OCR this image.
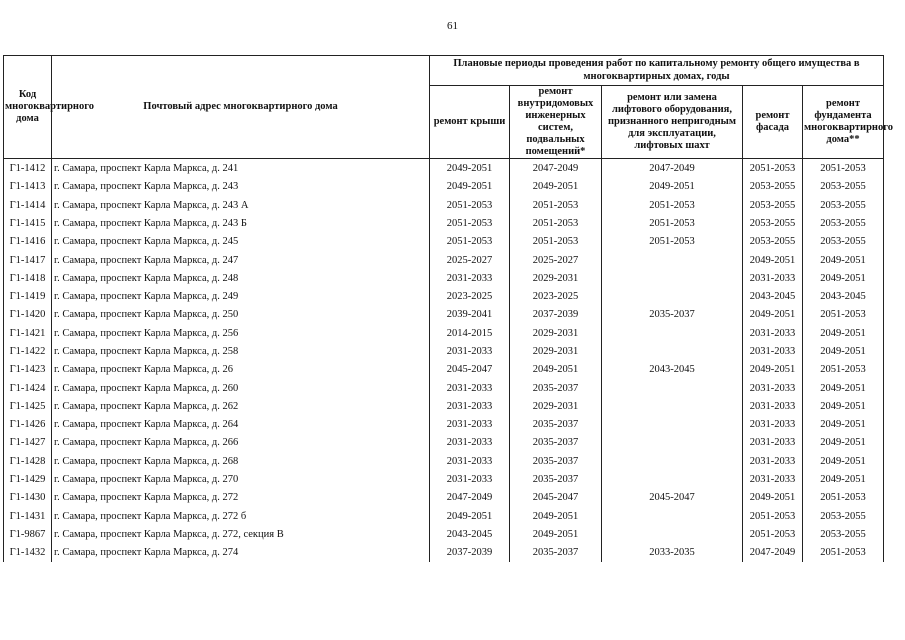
61
Код многоквартирного дома	Почтовый адрес многоквартирного дома	Плановые периоды проведения работ по капитальному ремонту общего имущества в многоквартирных домах, годы				
		ремонт крыши	ремонт внутридомовых инженерных систем, подвальных помещений*	ремонт или замена лифтового оборудования, признанного непригодным для эксплуатации, лифтовых шахт	ремонт фасада	ремонт фундамента многоквартирного дома**
Г1-1412	г. Самара, проспект Карла Маркса, д. 241	2049-2051	2047-2049	2047-2049	2051-2053	2051-2053
Г1-1413	г. Самара, проспект Карла Маркса, д. 243	2049-2051	2049-2051	2049-2051	2053-2055	2053-2055
Г1-1414	г. Самара, проспект Карла Маркса, д. 243 А	2051-2053	2051-2053	2051-2053	2053-2055	2053-2055
Г1-1415	г. Самара, проспект Карла Маркса, д. 243 Б	2051-2053	2051-2053	2051-2053	2053-2055	2053-2055
Г1-1416	г. Самара, проспект Карла Маркса, д. 245	2051-2053	2051-2053	2051-2053	2053-2055	2053-2055
Г1-1417	г. Самара, проспект Карла Маркса, д. 247	2025-2027	2025-2027		2049-2051	2049-2051
Г1-1418	г. Самара, проспект Карла Маркса, д. 248	2031-2033	2029-2031		2031-2033	2049-2051
Г1-1419	г. Самара, проспект Карла Маркса, д. 249	2023-2025	2023-2025		2043-2045	2043-2045
Г1-1420	г. Самара, проспект Карла Маркса, д. 250	2039-2041	2037-2039	2035-2037	2049-2051	2051-2053
Г1-1421	г. Самара, проспект Карла Маркса, д. 256	2014-2015	2029-2031		2031-2033	2049-2051
Г1-1422	г. Самара, проспект Карла Маркса, д. 258	2031-2033	2029-2031		2031-2033	2049-2051
Г1-1423	г. Самара, проспект Карла Маркса, д. 26	2045-2047	2049-2051	2043-2045	2049-2051	2051-2053
Г1-1424	г. Самара, проспект Карла Маркса, д. 260	2031-2033	2035-2037		2031-2033	2049-2051
Г1-1425	г. Самара, проспект Карла Маркса, д. 262	2031-2033	2029-2031		2031-2033	2049-2051
Г1-1426	г. Самара, проспект Карла Маркса, д. 264	2031-2033	2035-2037		2031-2033	2049-2051
Г1-1427	г. Самара, проспект Карла Маркса, д. 266	2031-2033	2035-2037		2031-2033	2049-2051
Г1-1428	г. Самара, проспект Карла Маркса, д. 268	2031-2033	2035-2037		2031-2033	2049-2051
Г1-1429	г. Самара, проспект Карла Маркса, д. 270	2031-2033	2035-2037		2031-2033	2049-2051
Г1-1430	г. Самара, проспект Карла Маркса, д. 272	2047-2049	2045-2047	2045-2047	2049-2051	2051-2053
Г1-1431	г. Самара, проспект Карла Маркса, д. 272 б	2049-2051	2049-2051		2051-2053	2053-2055
Г1-9867	г. Самара, проспект Карла Маркса, д. 272, секция В	2043-2045	2049-2051		2051-2053	2053-2055
Г1-1432	г. Самара, проспект Карла Маркса, д. 274	2037-2039	2035-2037	2033-2035	2047-2049	2051-2053
